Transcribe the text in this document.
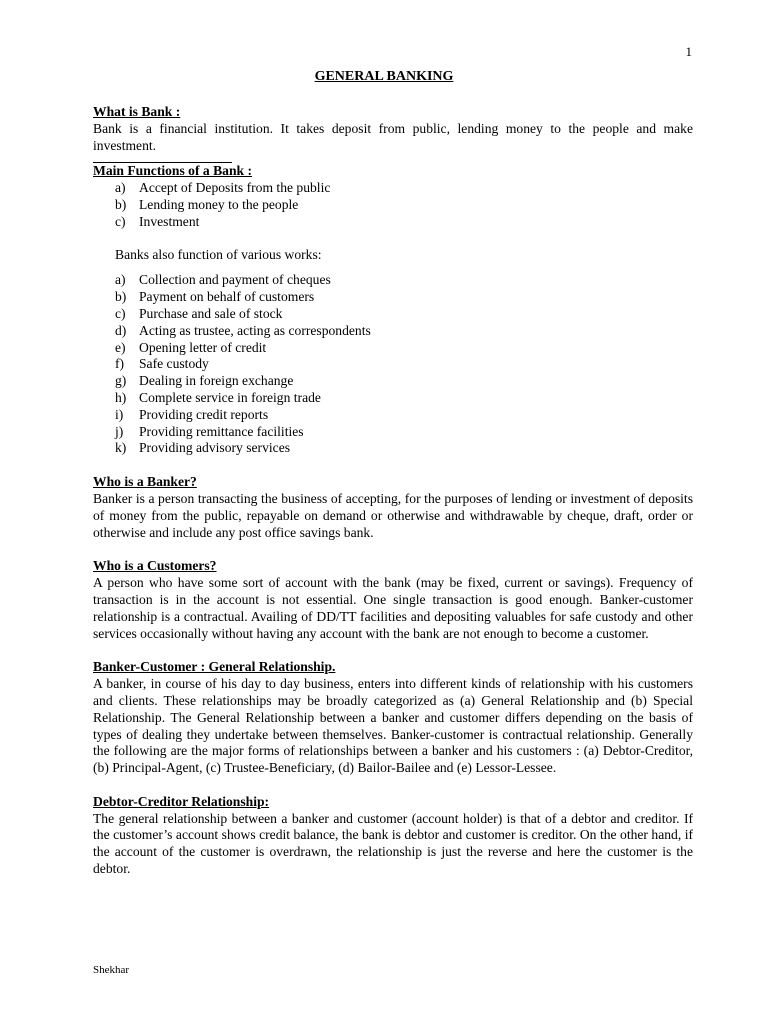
1
GENERAL BANKING

What is Bank :

Bank is a financial institution. It takes deposit from public, lending money to the people and make investment.

Main Functions of a Bank :

a) Accept of Deposits from the public
b) Lending money to the people
c) Investment

Banks also function of various works:

a) Collection and payment of cheques
b) Payment on behalf of customers
c) Purchase and sale of stock
d) Acting as trustee, acting as correspondents
e) Opening letter of credit
f)	Safe custody
g) Dealing in foreign exchange
h) Complete service in foreign trade
i)	Providing credit reports
j)	Providing remittance facilities
k) Providing advisory services

Who is a Banker?

Banker is a person transacting the business of accepting, for the purposes of lending or investment of deposits of money from the public, repayable on demand or otherwise and withdrawable by cheque, draft, order or otherwise and include any post office savings bank.

Who is a Customers?

A person who have some sort of account with the bank (may be fixed, current or savings). Frequency of transaction is in the account is not essential. One single transaction is good enough. Banker-customer relationship is a contractual. Availing of DD/TT facilities and depositing valuables for safe custody and other services occasionally without having any account with the bank are not enough to become a customer.

Banker-Customer : General Relationship.

A banker, in course of his day to day business, enters into different kinds of relationship with his customers and clients. These relationships may be broadly categorized as (a) General Relationship and (b) Special Relationship. The General Relationship between a banker and customer differs depending on the basis of types of dealing they undertake between themselves. Banker-customer is contractual relationship. Generally the following are the major forms of relationships between a banker and his customers : (a) Debtor-Creditor, (b) Principal-Agent, (c) Trustee-Beneficiary, (d) Bailor-Bailee and (e) Lessor-Lessee.

Debtor-Creditor Relationship:

The general relationship between a banker and customer (account holder) is that of a debtor and creditor. If the customer’s account shows credit balance, the bank is debtor and customer is creditor. On the other hand, if the account of the customer is overdrawn, the relationship is just the reverse and here the customer is the debtor.

Shekhar
